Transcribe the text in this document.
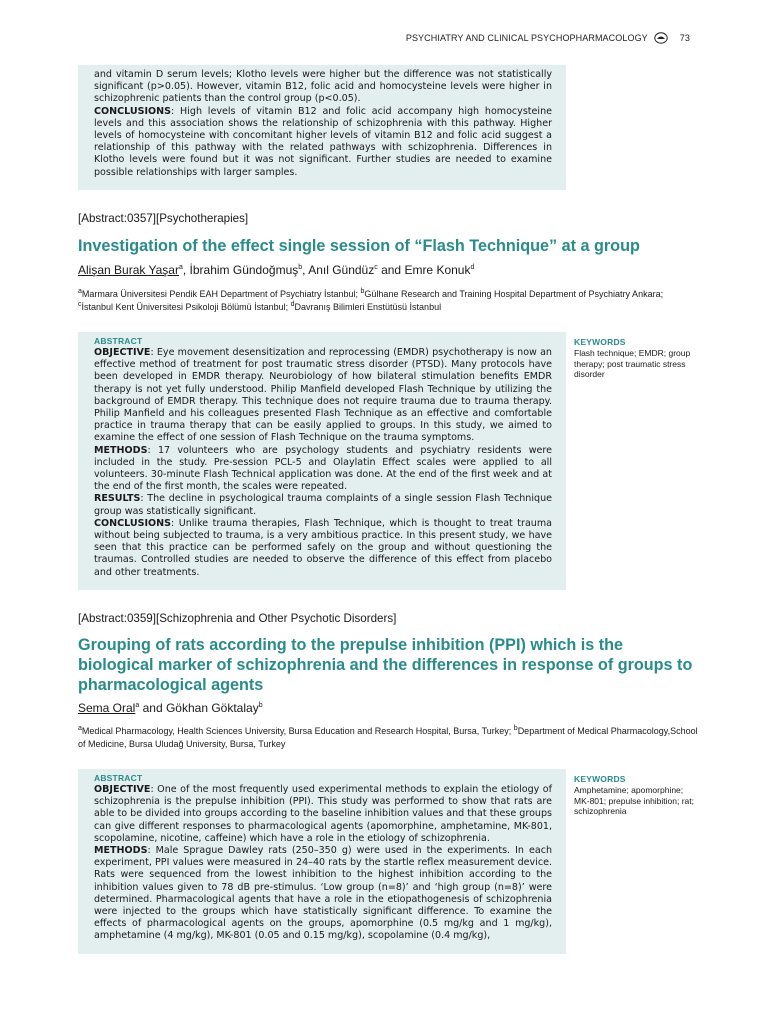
PSYCHIATRY AND CLINICAL PSYCHOPHARMACOLOGY	73

and vitamin D serum levels; Klotho levels were higher but the difference was not statistically significant (p>0.05). However, vitamin B12, folic acid and homocysteine levels were higher in schizophrenic patients than the control group (p<0.05).
CONCLUSIONS: High levels of vitamin B12 and folic acid accompany high homocysteine levels and this association shows the relationship of schizophrenia with this pathway. Higher levels of homocysteine with concomitant higher levels of vitamin B12 and folic acid suggest a relationship of this pathway with the related pathways with schizophrenia. Differences in Klotho levels were found but it was not significant. Further studies are needed to examine possible relationships with larger samples.

[Abstract:0357][Psychotherapies]
Investigation of the effect single session of “Flash Technique” at a group
Alişan Burak Yaşar$^a$, İbrahim Gündoğmuş$^b$, Anıl Gündüz$^c$ and Emre Konuk$^d$
$^a$Marmara Üniversitesi Pendik EAH Department of Psychiatry İstanbul; $^b$Gülhane Research and Training Hospital Department of Psychiatry Ankara; $^c$İstanbul Kent Üniversitesi Psikoloji Bölümü İstanbul; $^d$Davranış Bilimleri Enstütüsü İstanbul
ABSTRACT

OBJECTIVE: Eye movement desensitization and reprocessing (EMDR) psychotherapy is now an effective method of treatment for post traumatic stress disorder (PTSD). Many protocols have been developed in EMDR therapy. Neurobiology of how bilateral stimulation benefits EMDR therapy is not yet fully understood. Philip Manfield developed Flash Technique by utilizing the background of EMDR therapy. This technique does not require trauma due to trauma therapy. Philip Manfield and his colleagues presented Flash Technique as an effective and comfortable practice in trauma therapy that can be easily applied to groups. In this study, we aimed to examine the effect of one session of Flash Technique on the trauma symptoms.

METHODS: 17 volunteers who are psychology students and psychiatry residents were included in the study. Pre-session PCL-5 and Olaylatin Effect scales were applied to all volunteers. 30-minute Flash Technical application was done. At the end of the first week and at the end of the first month, the scales were repeated.

RESULTS: The decline in psychological trauma complaints of a single session Flash Technique group was statistically significant.

CONCLUSIONS: Unlike trauma therapies, Flash Technique, which is thought to treat trauma without being subjected to trauma, is a very ambitious practice. In this present study, we have seen that this practice can be performed safely on the group and without questioning the traumas. Controlled studies are needed to observe the difference of this effect from placebo and other treatments.

KEYWORDS
Flash technique; EMDR; group therapy; post traumatic stress disorder
[Abstract:0359][Schizophrenia and Other Psychotic Disorders]
Grouping of rats according to the prepulse inhibition (PPI) which is the biological marker of schizophrenia and the differences in response of groups to pharmacological agents
Sema Oral$^a$ and Gökhan Göktalay$^b$
$^a$Medical Pharmacology, Health Sciences University, Bursa Education and Research Hospital, Bursa, Turkey; $^b$Department of Medical Pharmacology,School of Medicine, Bursa Uludağ University, Bursa, Turkey
ABSTRACT

OBJECTIVE: One of the most frequently used experimental methods to explain the etiology of schizophrenia is the prepulse inhibition (PPI). This study was performed to show that rats are able to be divided into groups according to the baseline inhibition values and that these groups can give different responses to pharmacological agents (apomorphine, amphetamine, MK-801, scopolamine, nicotine, caffeine) which have a role in the etiology of schizophrenia.

METHODS: Male Sprague Dawley rats (250–350 g) were used in the experiments. In each experiment, PPI values were measured in 24–40 rats by the startle reflex measurement device. Rats were sequenced from the lowest inhibition to the highest inhibition according to the inhibition values given to 78 dB pre-stimulus. ‘Low group (n=8)’ and ‘high group (n=8)’ were determined. Pharmacological agents that have a role in the etiopathogenesis of schizophrenia were injected to the groups which have statistically significant difference. To examine the effects of pharmacological agents on the groups, apomorphine (0.5 mg/kg and 1 mg/kg), amphetamine (4 mg/kg), MK-801 (0.05 and 0.15 mg/kg), scopolamine (0.4 mg/kg),

KEYWORDS
Amphetamine; apomorphine; MK-801; prepulse inhibition; rat; schizophrenia
